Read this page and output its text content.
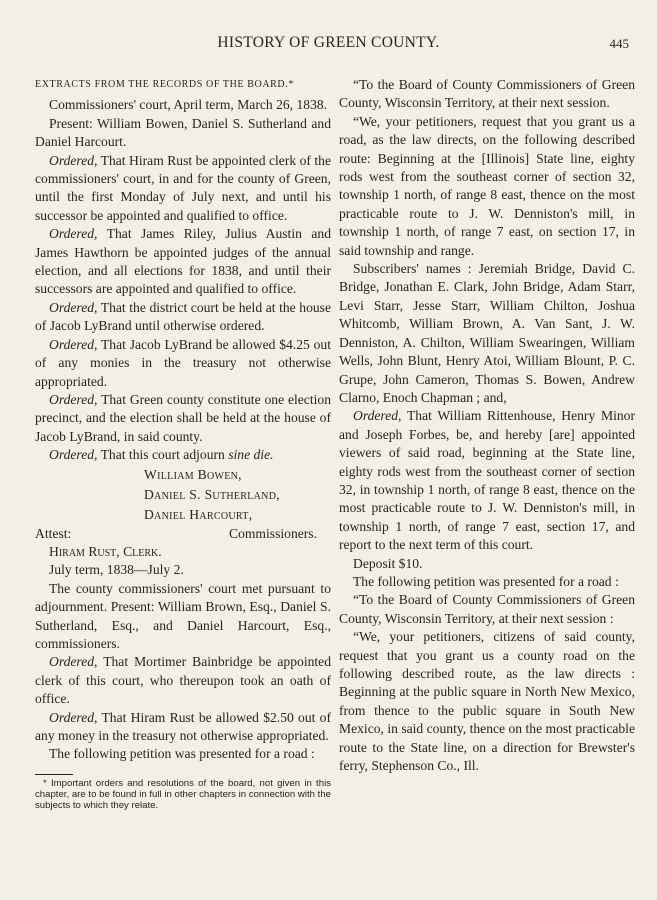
HISTORY OF GREEN COUNTY.	445

EXTRACTS FROM THE RECORDS OF THE BOARD.*

Commissioners' court, April term, March 26, 1838.

Present: William Bowen, Daniel S. Sutherland and Daniel Harcourt.

Ordered, That Hiram Rust be appointed clerk of the commissioners' court, in and for the county of Green, until the first Monday of July next, and until his successor be appointed and qualified to office.

Ordered, That James Riley, Julius Austin and James Hawthorn be appointed judges of the annual election, and all elections for 1838, and until their successors are appointed and qualified to office.

Ordered, That the district court be held at the house of Jacob LyBrand until otherwise ordered.

Ordered, That Jacob LyBrand be allowed $4.25 out of any monies in the treasury not otherwise appropriated.

Ordered, That Green county constitute one election precinct, and the election shall be held at the house of Jacob LyBrand, in said county.

Ordered, That this court adjourn sine die.

William Bowen,

Daniel S. Sutherland,

Daniel Harcourt,

Attest:	Commissioners.

Hiram Rust, Clerk.

July term, 1838—July 2.

The county commissioners' court met pursuant to adjournment. Present: William Brown, Esq., Daniel S. Sutherland, Esq., and Daniel Harcourt, Esq., commissioners.

Ordered, That Mortimer Bainbridge be appointed clerk of this court, who thereupon took an oath of office.

Ordered, That Hiram Rust be allowed $2.50 out of any money in the treasury not otherwise appropriated.

The following petition was presented for a road :

* Important orders and resolutions of the board, not given in this chapter, are to be found in full in other chapters in connection with the subjects to which they relate.

“To the Board of County Commissioners of Green County, Wisconsin Territory, at their next session.

“We, your petitioners, request that you grant us a road, as the law directs, on the following described route: Beginning at the [Illinois] State line, eighty rods west from the southeast corner of section 32, township 1 north, of range 8 east, thence on the most practicable route to J. W. Denniston's mill, in township 1 north, of range 7 east, on section 17, in said township and range.

Subscribers' names : Jeremiah Bridge, David C. Bridge, Jonathan E. Clark, John Bridge, Adam Starr, Levi Starr, Jesse Starr, William Chilton, Joshua Whitcomb, William Brown, A. Van Sant, J. W. Denniston, A. Chilton, William Swearingen, William Wells, John Blunt, Henry Atoi, William Blount, P. C. Grupe, John Cameron, Thomas S. Bowen, Andrew Clarno, Enoch Chapman ; and,

Ordered, That William Rittenhouse, Henry Minor and Joseph Forbes, be, and hereby [are] appointed viewers of said road, beginning at the State line, eighty rods west from the southeast corner of section 32, in township 1 north, of range 8 east, thence on the most practicable route to J. W. Denniston's mill, in township 1 north, of range 7 east, section 17, and report to the next term of this court.

Deposit $10.

The following petition was presented for a road :

“To the Board of County Commissioners of Green County, Wisconsin Territory, at their next session :

“We, your petitioners, citizens of said county, request that you grant us a county road on the following described route, as the law directs : Beginning at the public square in North New Mexico, from thence to the public square in South New Mexico, in said county, thence on the most practicable route to the State line, on a direction for Brewster's ferry, Stephenson Co., Ill.
